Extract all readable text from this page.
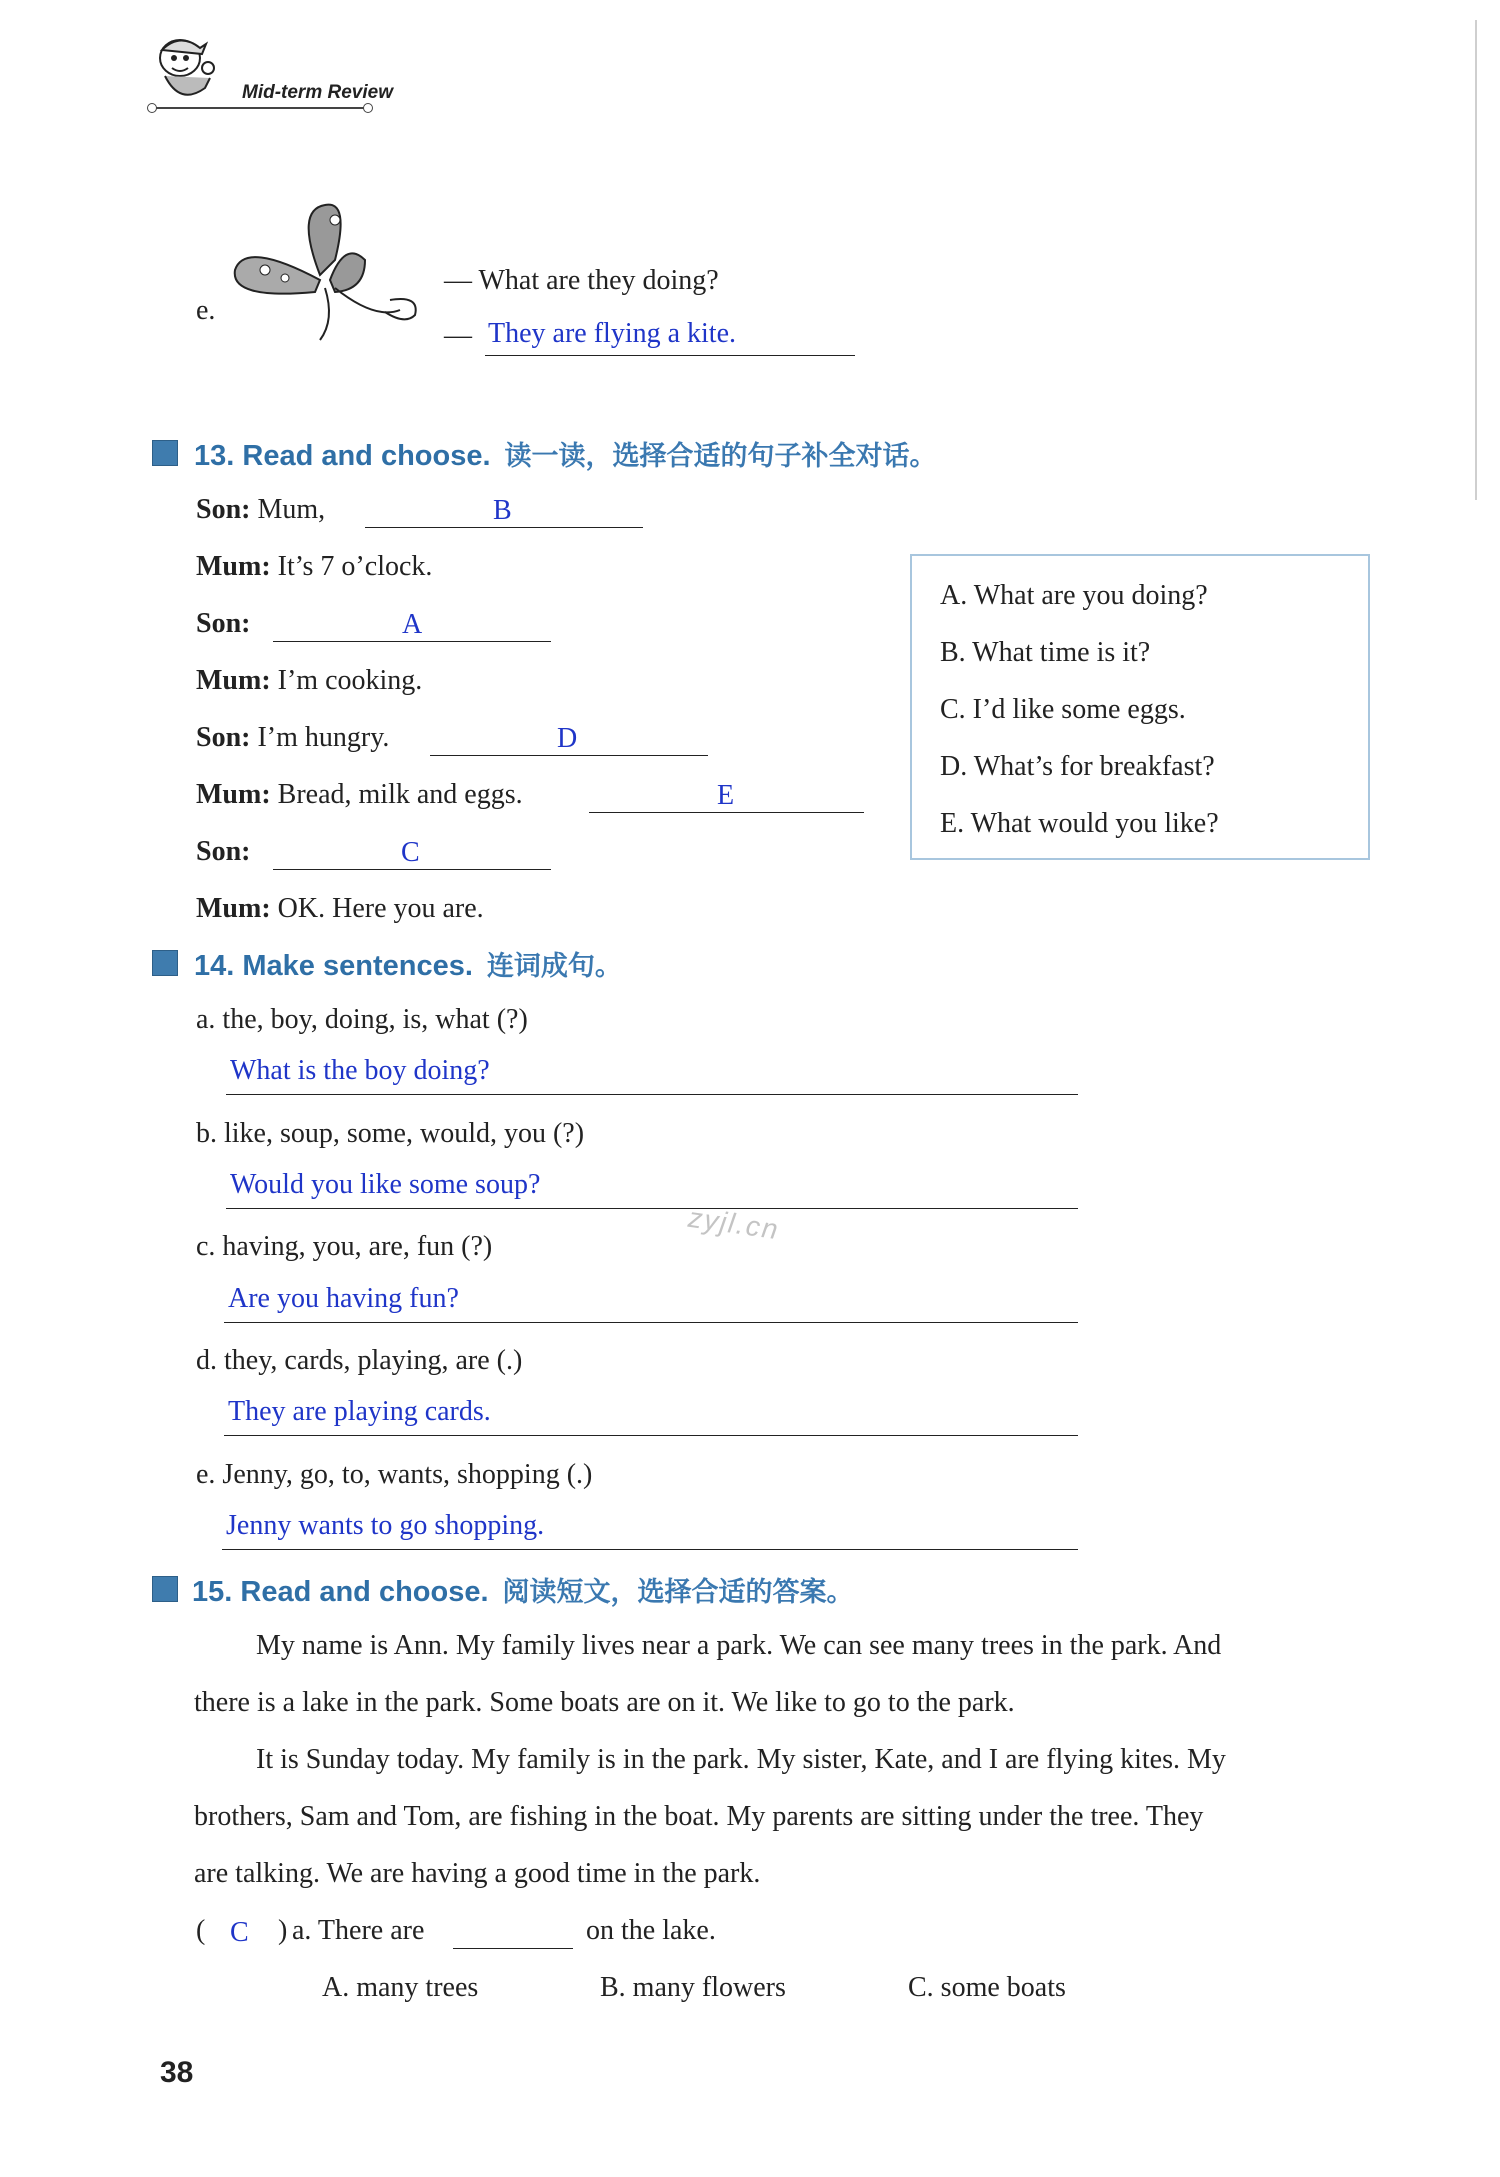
Mid-term Review
e.
— What are they doing?
— They are flying a kite.
13. Read and choose. 读一读，选择合适的句子补全对话。
Son: Mum,	B
Mum: It’s 7 o’clock.
Son:	A
Mum: I’m cooking.
Son: I’m hungry.	D
Mum: Bread, milk and eggs.	E
Son:	C
Mum: OK. Here you are.
A. What are you doing?
B. What time is it?
C. I’d like some eggs.
D. What’s for breakfast?
E. What would you like?
14. Make sentences. 连词成句。
a. the, boy, doing, is, what (?)
What is the boy doing?
b. like, soup, some, would, you (?)
Would you like some soup?
c. having, you, are, fun (?)
Are you having fun?
d. they, cards, playing, are (.)
They are playing cards.
e. Jenny, go, to, wants, shopping (.)
Jenny wants to go shopping.
zyjl.cn
15. Read and choose. 阅读短文，选择合适的答案。
My name is Ann. My family lives near a park. We can see many trees in the park. And
there is a lake in the park. Some boats are on it. We like to go to the park.
It is Sunday today. My family is in the park. My sister, Kate, and I are flying kites. My
brothers, Sam and Tom, are fishing in the boat. My parents are sitting under the tree. They
are talking. We are having a good time in the park.
( C ) a. There are	on the lake.
A. many trees	B. many flowers	C. some boats
38
